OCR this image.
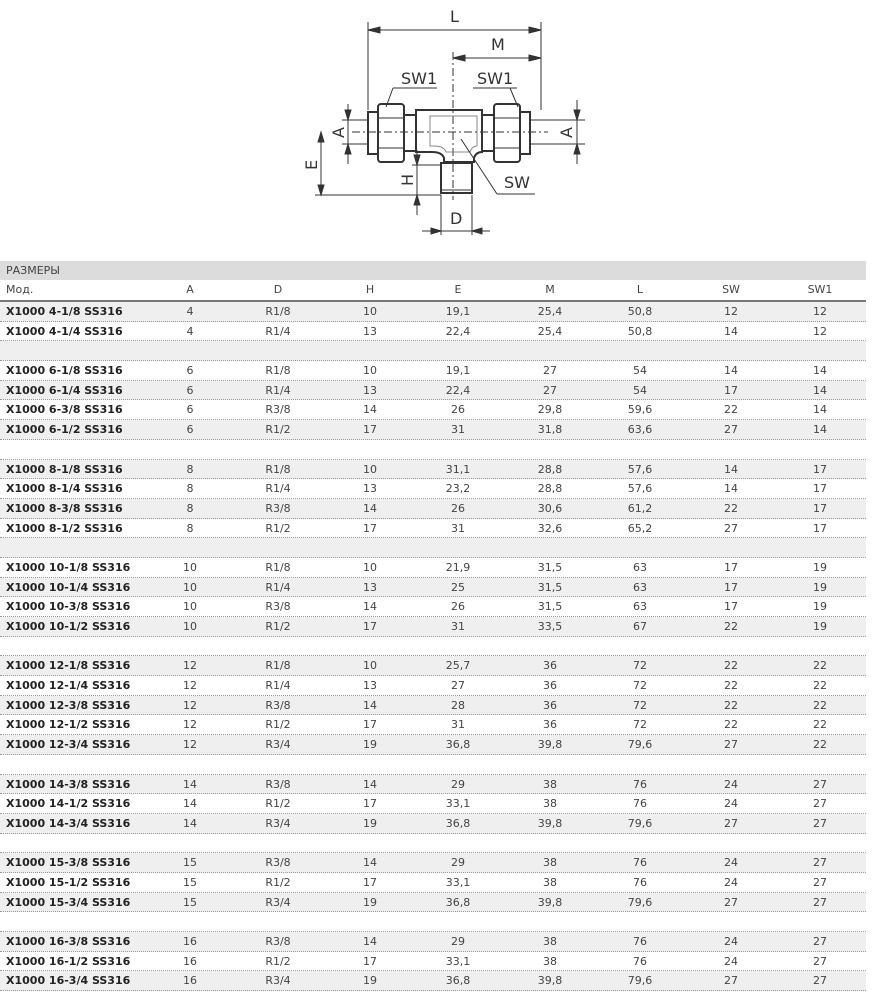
L
M
SW1 SW1
A	A
E
H	SW
D
РАЗМЕРЫ
Мод.	A	D	H	E	M	L	SW	SW1
X1000 4-1/8 SS316	4	R1/8	10	19,1	25,4	50,8	12	12
X1000 4-1/4 SS316	4	R1/4	13	22,4	25,4	50,8	14	12
X1000 6-1/8 SS316	6	R1/8	10	19,1	27	54	14	14
X1000 6-1/4 SS316	6	R1/4	13	22,4	27	54	17	14
X1000 6-3/8 SS316	6	R3/8	14	26	29,8	59,6	22	14
X1000 6-1/2 SS316	6	R1/2	17	31	31,8	63,6	27	14
X1000 8-1/8 SS316	8	R1/8	10	31,1	28,8	57,6	14	17
X1000 8-1/4 SS316	8	R1/4	13	23,2	28,8	57,6	14	17
X1000 8-3/8 SS316	8	R3/8	14	26	30,6	61,2	22	17
X1000 8-1/2 SS316	8	R1/2	17	31	32,6	65,2	27	17
X1000 10-1/8 SS316	10	R1/8	10	21,9	31,5	63	17	19
X1000 10-1/4 SS316	10	R1/4	13	25	31,5	63	17	19
X1000 10-3/8 SS316	10	R3/8	14	26	31,5	63	17	19
X1000 10-1/2 SS316	10	R1/2	17	31	33,5	67	22	19
X1000 12-1/8 SS316	12	R1/8	10	25,7	36	72	22	22
X1000 12-1/4 SS316	12	R1/4	13	27	36	72	22	22
X1000 12-3/8 SS316	12	R3/8	14	28	36	72	22	22
X1000 12-1/2 SS316	12	R1/2	17	31	36	72	22	22
X1000 12-3/4 SS316	12	R3/4	19	36,8	39,8	79,6	27	22
X1000 14-3/8 SS316	14	R3/8	14	29	38	76	24	27
X1000 14-1/2 SS316	14	R1/2	17	33,1	38	76	24	27
X1000 14-3/4 SS316	14	R3/4	19	36,8	39,8	79,6	27	27
X1000 15-3/8 SS316	15	R3/8	14	29	38	76	24	27
X1000 15-1/2 SS316	15	R1/2	17	33,1	38	76	24	27
X1000 15-3/4 SS316	15	R3/4	19	36,8	39,8	79,6	27	27
X1000 16-3/8 SS316	16	R3/8	14	29	38	76	24	27
X1000 16-1/2 SS316	16	R1/2	17	33,1	38	76	24	27
X1000 16-3/4 SS316	16	R3/4	19	36,8	39,8	79,6	27	27
